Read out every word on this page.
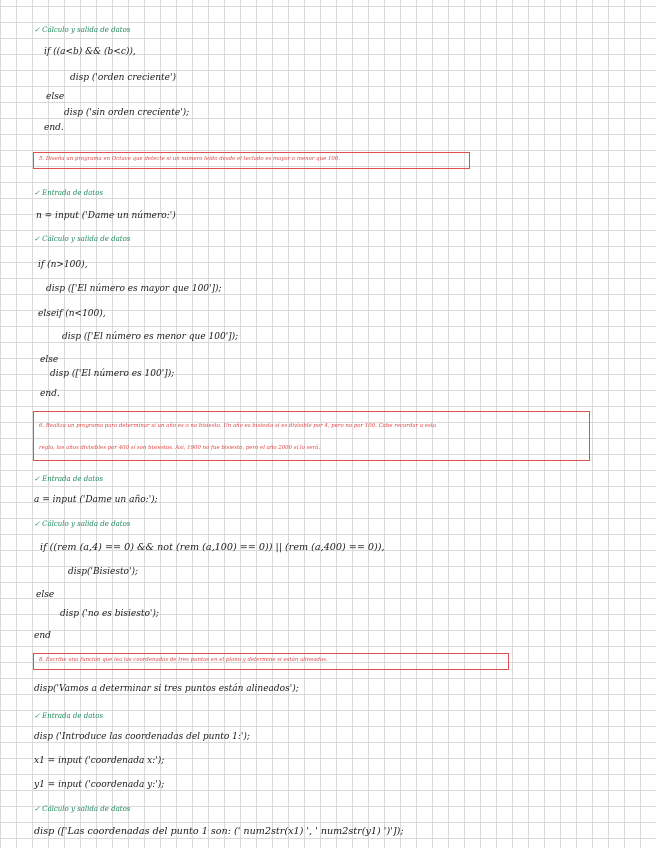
✓ Cálculo y salida de datos
if ((a<b) && (b<c)),
disp ('orden creciente')
else
disp ('sin orden creciente');
end.
5. Diseña un programa en Octave que detecte si un número leído desde el teclado es mayor o menor que 100.
✓ Entrada de datos
n = input ('Dame un número:')
✓ Cálculo y salida de datos
if (n>100),
disp (['El número es mayor que 100']);
elseif (n<100),
disp (['El número es menor que 100']);
else
disp (['El número es 100']);
end.
6. Realiza un programa para determinar si un año es o no bisiesto. Un año es bisiesto si es divisible por 4, pero no por 100. Cabe recordar a esta
regla, los años divisibles por 400 sí son bisiestos. Así, 1900 no fue bisiesto, pero el año 2000 sí lo será.
✓ Entrada de datos
a = input ('Dame un año:');
✓ Cálculo y salida de datos
if ((rem (a,4) == 0) && not (rem (a,100) == 0)) || (rem (a,400) == 0)),
disp('Bisiesto');
else
disp ('no es bisiesto');
end
8. Escribe una función que lea las coordenadas de tres puntos en el plano y determine si están alineados.
disp('Vamos a determinar si tres puntos están alineados');
✓ Entrada de datos
disp ('Introduce las coordenadas del punto 1:');
x1 = input ('coordenada x:');
y1 = input ('coordenada y:');
✓ Cálculo y salida de datos
disp (['Las coordenadas del punto 1 son: (' num2str(x1) ', ' num2str(y1) ')']);
